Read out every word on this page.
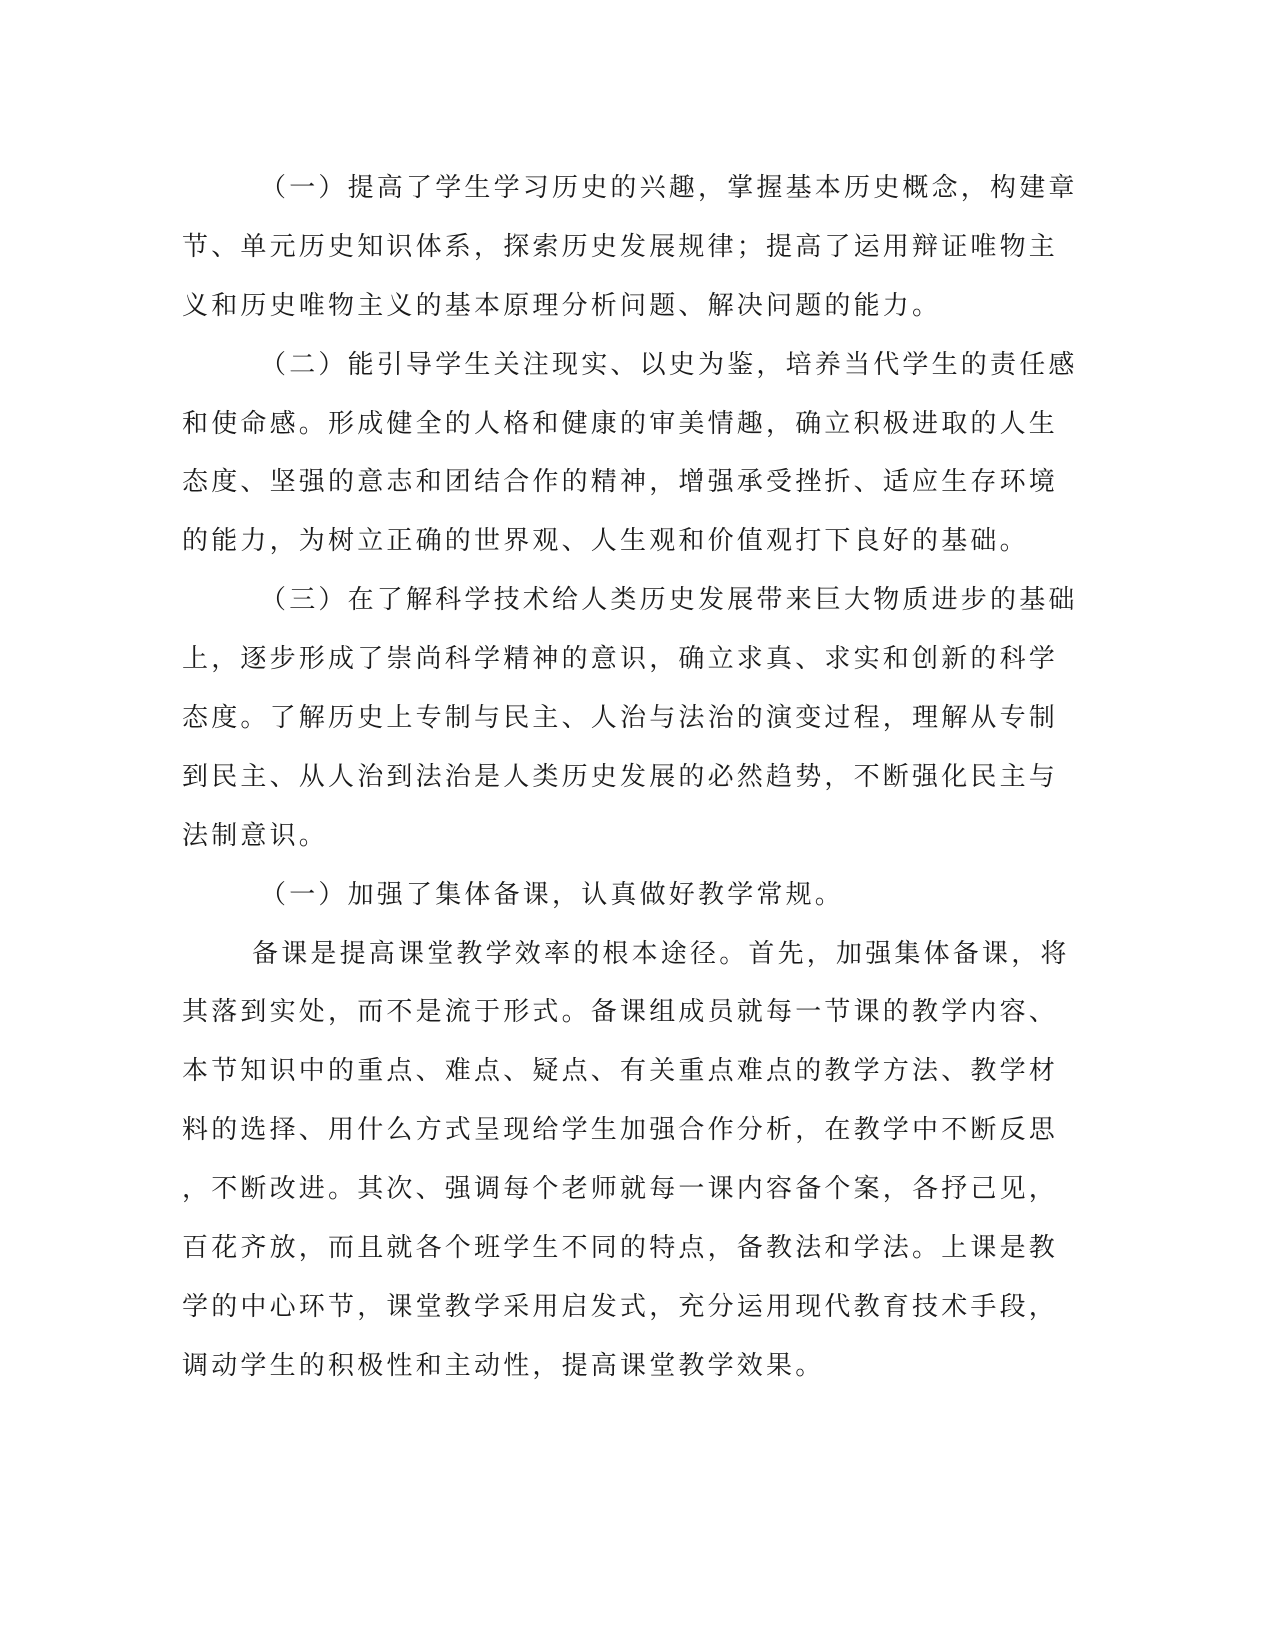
（一）提高了学生学习历史的兴趣，掌握基本历史概念，构建章
节、单元历史知识体系，探索历史发展规律；提高了运用辩证唯物主
义和历史唯物主义的基本原理分析问题、解决问题的能力。

（二）能引导学生关注现实、以史为鉴，培养当代学生的责任感
和使命感。形成健全的人格和健康的审美情趣，确立积极进取的人生
态度、坚强的意志和团结合作的精神，增强承受挫折、适应生存环境
的能力，为树立正确的世界观、人生观和价值观打下良好的基础。

（三）在了解科学技术给人类历史发展带来巨大物质进步的基础
上，逐步形成了崇尚科学精神的意识，确立求真、求实和创新的科学
态度。了解历史上专制与民主、人治与法治的演变过程，理解从专制
到民主、从人治到法治是人类历史发展的必然趋势，不断强化民主与
法制意识。

（一）加强了集体备课，认真做好教学常规。

备课是提高课堂教学效率的根本途径。首先，加强集体备课，将
其落到实处，而不是流于形式。备课组成员就每一节课的教学内容、
本节知识中的重点、难点、疑点、有关重点难点的教学方法、教学材
料的选择、用什么方式呈现给学生加强合作分析，在教学中不断反思
，不断改进。其次、强调每个老师就每一课内容备个案，各抒己见，
百花齐放，而且就各个班学生不同的特点，备教法和学法。上课是教
学的中心环节，课堂教学采用启发式，充分运用现代教育技术手段，
调动学生的积极性和主动性，提高课堂教学效果。
